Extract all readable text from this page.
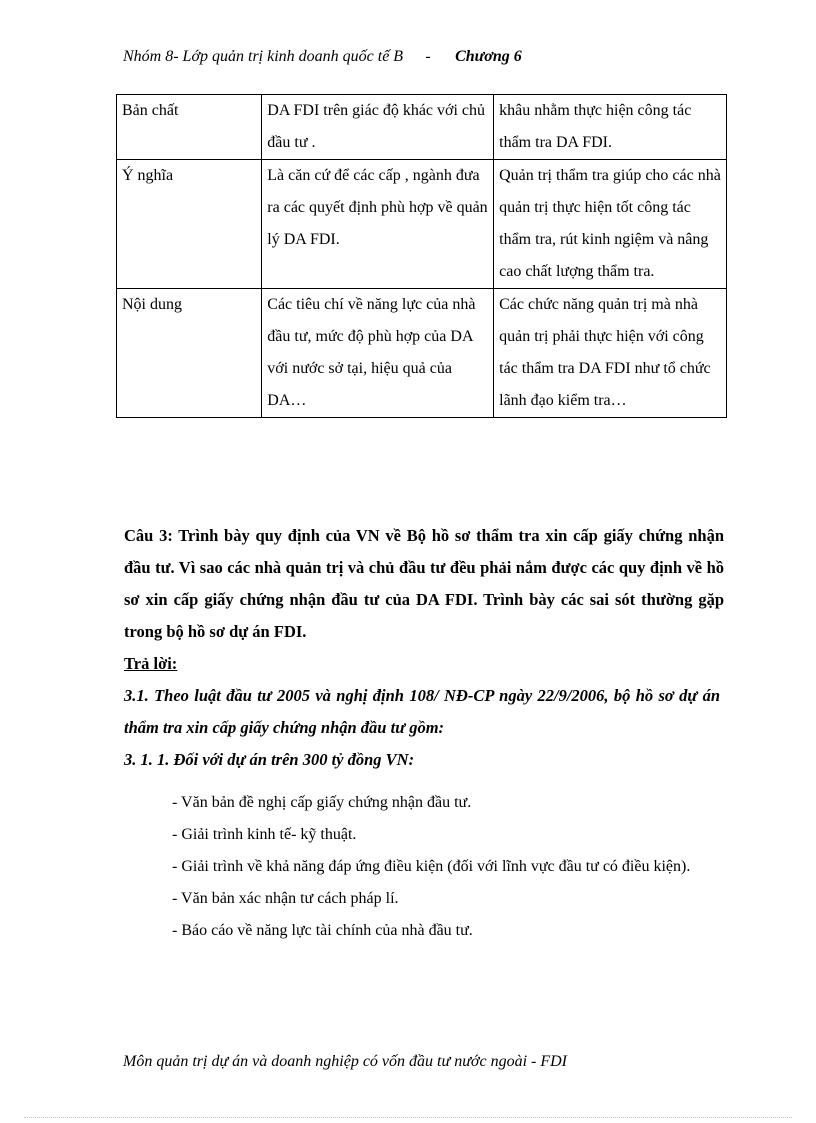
Nhóm 8- Lớp quản trị kinh doanh quốc tế B - Chương 6
Bản chất	DA FDI trên giác độ khác với chủ đầu tư .	khâu nhằm thực hiện công tác thẩm tra DA FDI.
Ý nghĩa	Là căn cứ để các cấp , ngành đưa ra các quyết định phù hợp về quản lý DA FDI.	Quản trị thẩm tra giúp cho các nhà quản trị thực hiện tốt công tác thẩm tra, rút kinh ngiệm và nâng cao chất lượng thẩm tra.
Nội dung	Các tiêu chí về năng lực của nhà đầu tư, mức độ phù hợp của DA với nước sở tại, hiệu quả của DA…	Các chức năng quản trị mà nhà quản trị phải thực hiện với công tác thẩm tra DA FDI như tổ chức lãnh đạo kiểm tra…
Câu 3: Trình bày quy định của VN về Bộ hồ sơ thẩm tra xin cấp giấy chứng nhận đầu tư. Vì sao các nhà quản trị và chủ đầu tư đều phải nắm được các quy định về hồ sơ xin cấp giấy chứng nhận đầu tư của DA FDI. Trình bày các sai sót thường gặp trong bộ hồ sơ dự án FDI.
Trả lời:
3.1. Theo luật đầu tư 2005 và nghị định 108/ NĐ-CP ngày 22/9/2006, bộ hồ sơ dự án thẩm tra xin cấp giấy chứng nhận đầu tư gồm:
3. 1. 1. Đối với dự án trên 300 tỷ đồng VN:

- Văn bản đề nghị cấp giấy chứng nhận đầu tư.

- Giải trình kinh tế- kỹ thuật.

- Giải trình về khả năng đáp ứng điều kiện (đối với lĩnh vực đầu tư có điều kiện).

- Văn bản xác nhận tư cách pháp lí.

- Báo cáo về năng lực tài chính của nhà đầu tư.

Môn quản trị dự án và doanh nghiệp có vốn đầu tư nước ngoài - FDI
